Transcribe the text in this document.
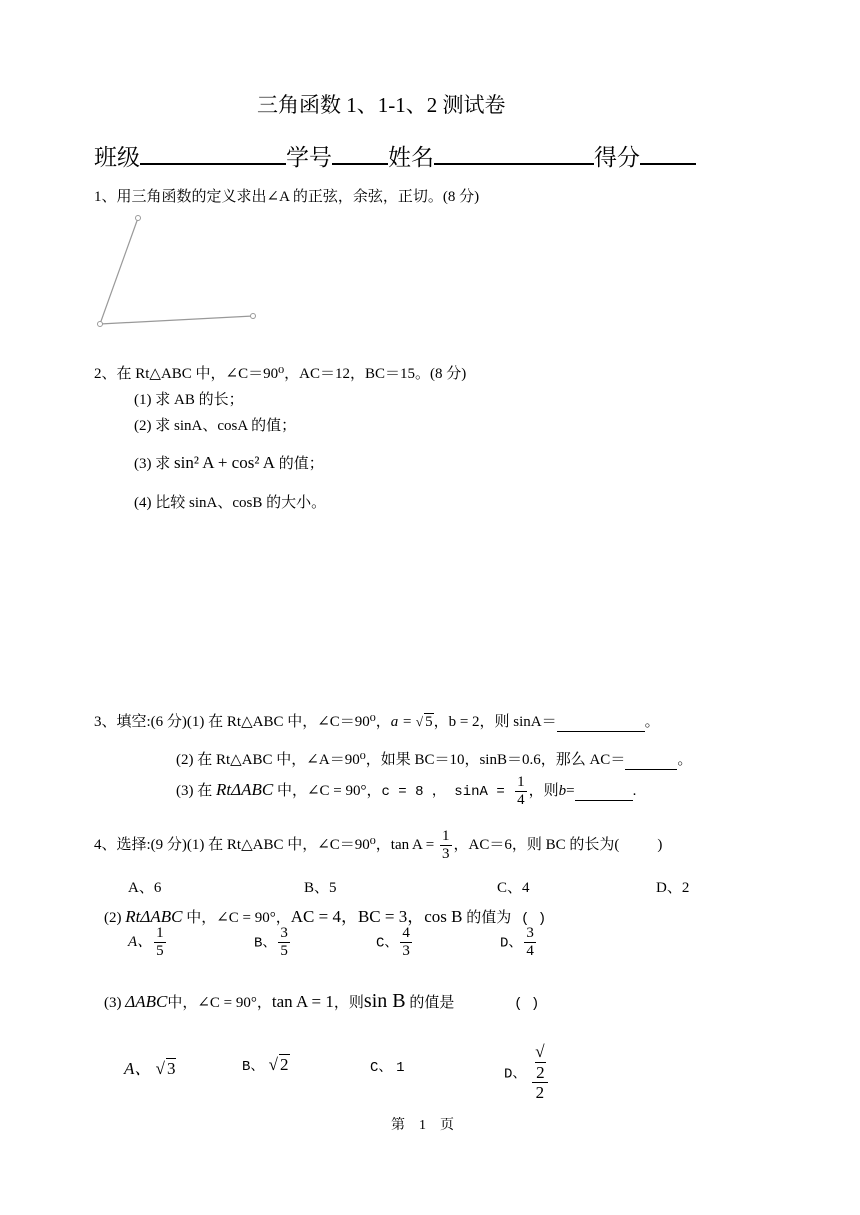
三角函数 1、1-1、2 测试卷
班级	学号 姓名	得分
1、用三角函数的定义求出∠A 的正弦，余弦，正切。(8 分)
2、在 Rt△ABC 中，∠C＝90⁰，AC＝12，BC＝15。(8 分)
(1) 求 AB 的长；
(2) 求 sinA、cosA 的值；
(3) 求 sin² A + cos² A 的值；
(4) 比较 sinA、cosB 的大小。
3、填空:(6 分)(1) 在 Rt△ABC 中，∠C＝90⁰，a = √ 5，b = 2，则 sinA＝	。
(2) 在 Rt△ABC 中，∠A＝90⁰，如果 BC＝10，sinB＝0.6，那么 AC＝	。
(3) 在 RtΔABC 中，∠C = 90°，c = 8 ， $\sin A = \frac{1}{4}$ ，则b=	.
4、选择:(9 分)(1) 在 Rt△ABC 中，∠C＝90⁰，$\tan A = \frac{1}{3}$ ，AC＝6，则 BC 的长为(	)
A、6	B、5	C、4	D、2
(2) RtΔABC 中，∠C = 90°，AC = 4，BC = 3，cos B 的值为 ( )
A、 $\frac{1}{5}$	B、 $\frac{3}{5}$	C、 $\frac{4}{3}$	D、 $\frac{3}{4}$
(3) ΔABC中，∠C = 90°，tan A = 1，则sin B 的值是	( )
A、 √ 3	B、 √ 2	C、 1	D、 √
2
2
第    1    页
